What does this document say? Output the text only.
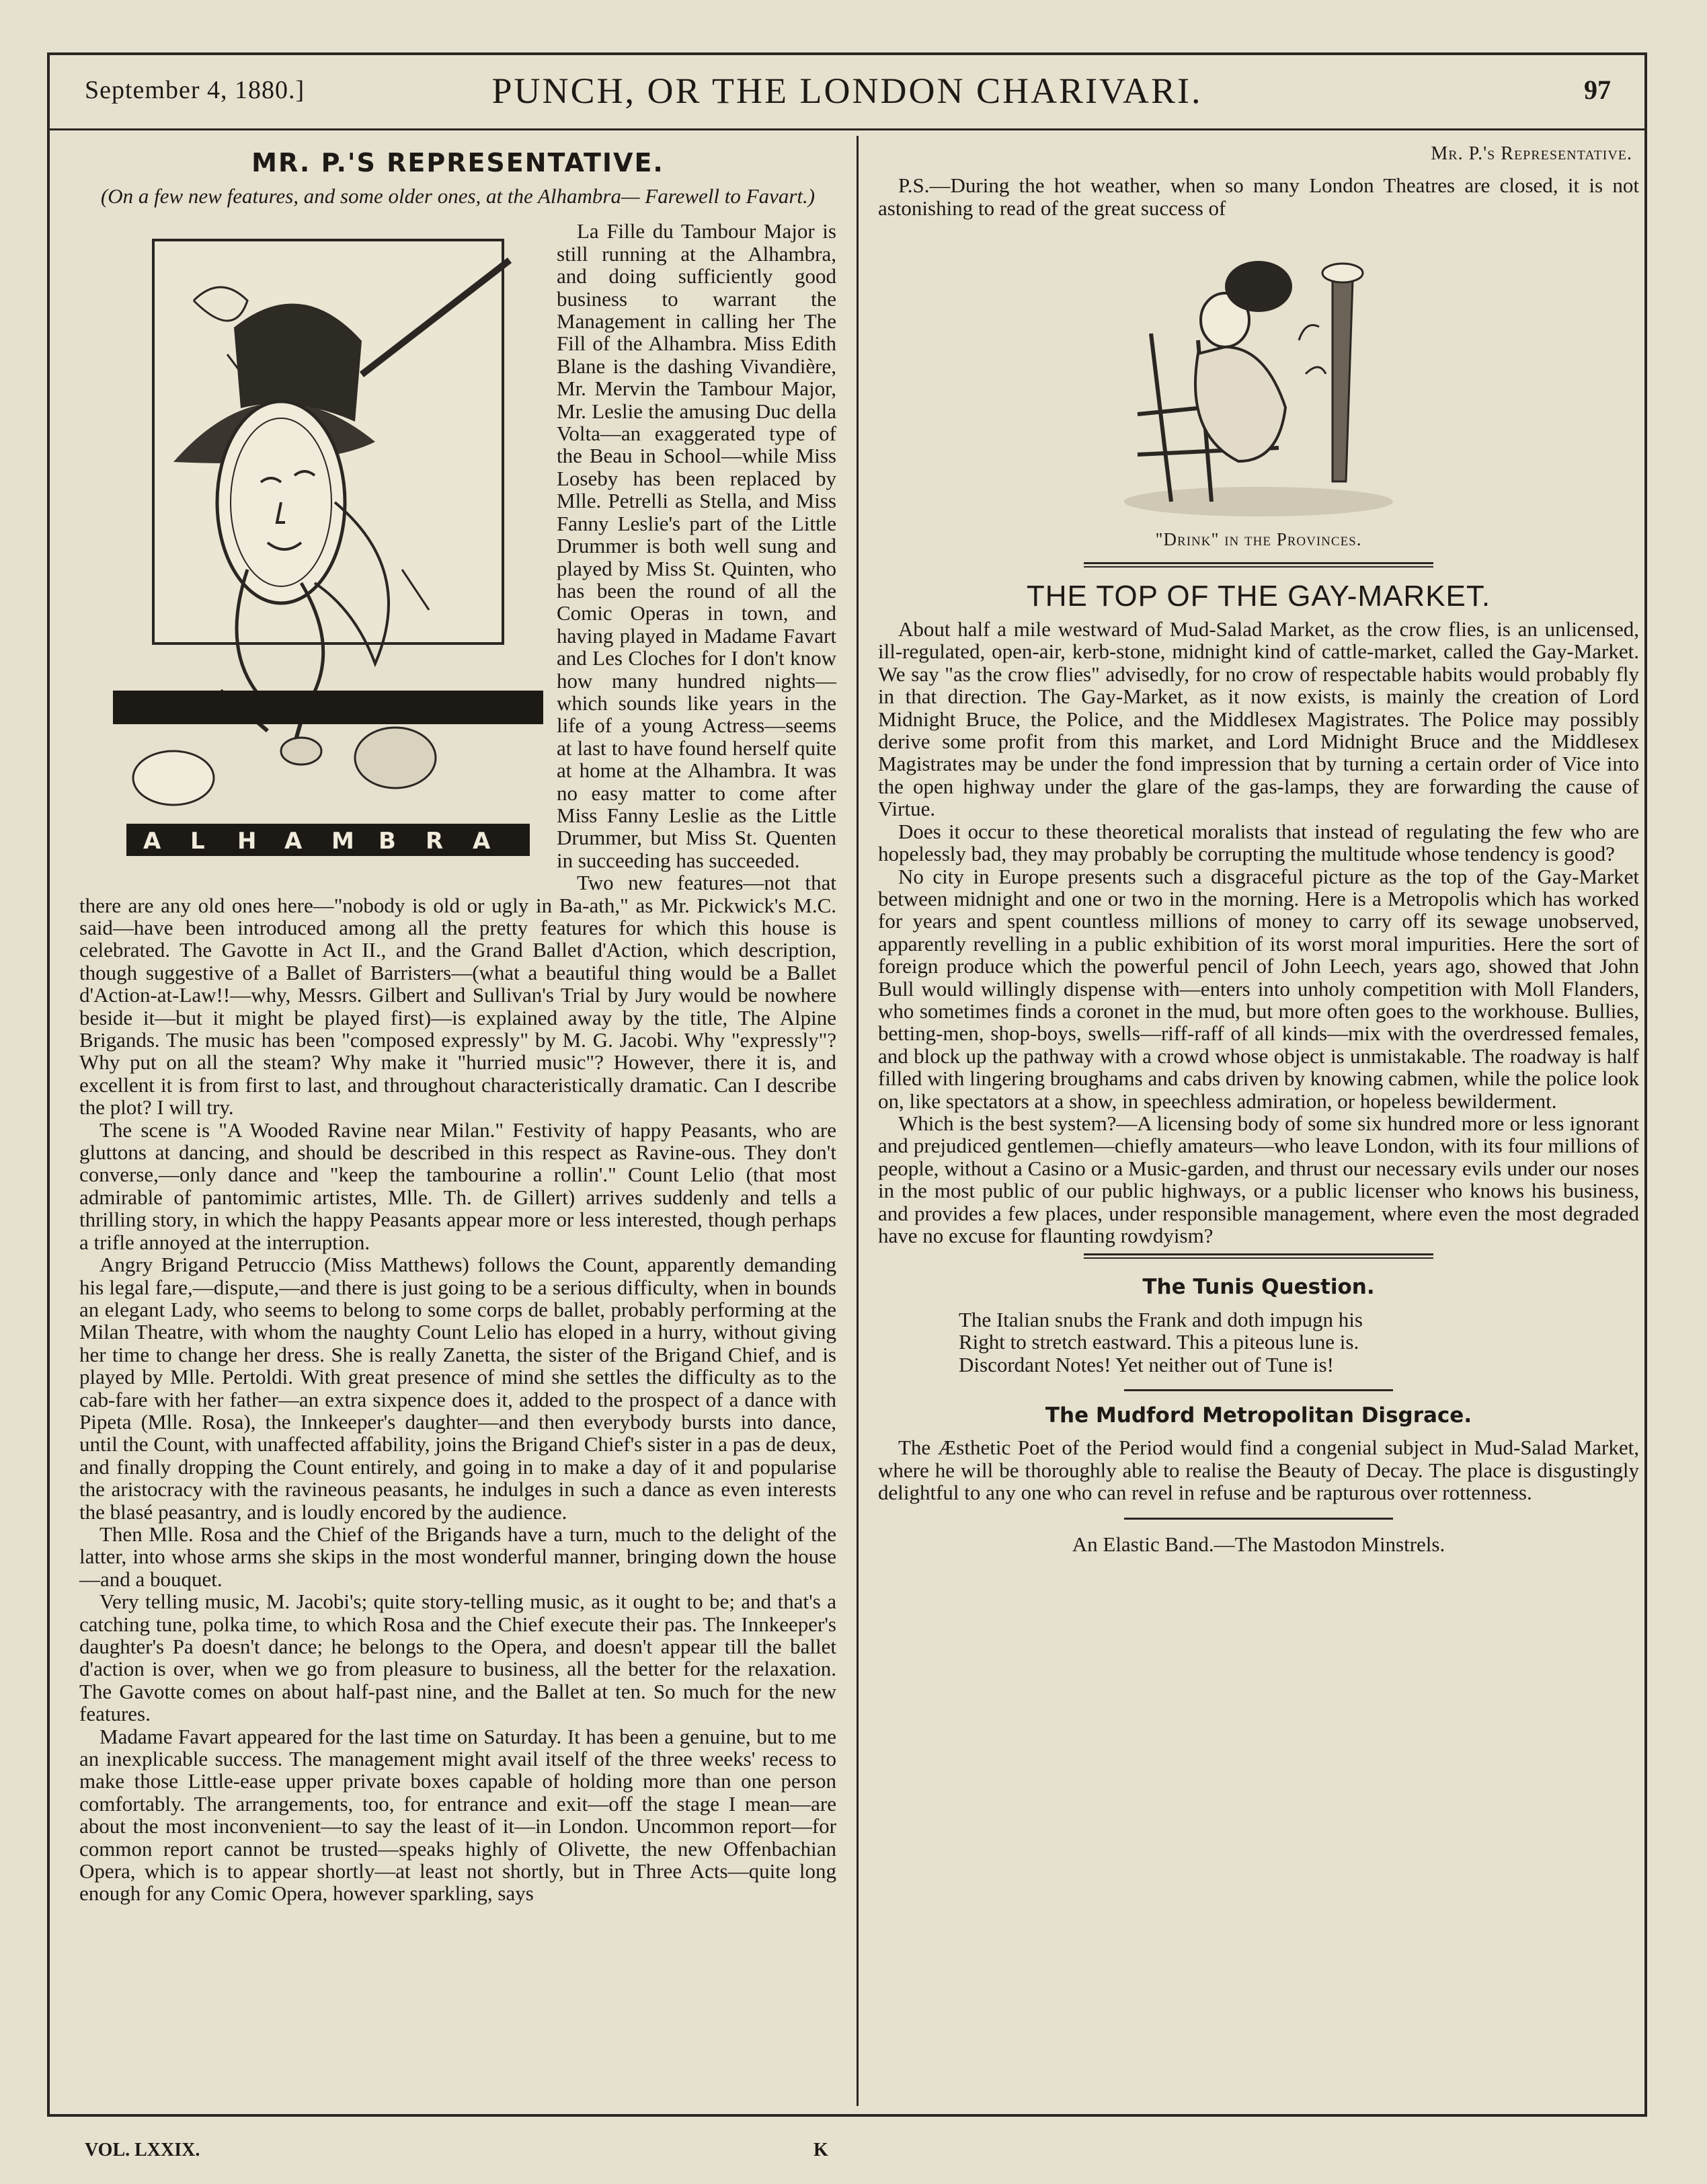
September 4, 1880.]	PUNCH, OR THE LONDON CHARIVARI.	97
MR. P.'S REPRESENTATIVE.
(On a few new features, and some older ones, at the Alhambra— Farewell to Favart.)
A L H A M B R A

La Fille du Tambour Major is still running at the Alhambra, and doing sufficiently good business to warrant the Management in calling her The Fill of the Alhambra. Miss Edith Blane is the dashing Vivandière, Mr. Mervin the Tambour Major, Mr. Leslie the amusing Duc della Volta—an exaggerated type of the Beau in School—while Miss Loseby has been replaced by Mlle. Petrelli as Stella, and Miss Fanny Leslie's part of the Little Drummer is both well sung and played by Miss St. Quinten, who has been the round of all the Comic Operas in town, and having played in Madame Favart and Les Cloches for I don't know how many hundred nights—which sounds like years in the life of a young Actress—seems at last to have found herself quite at home at the Alhambra. It was no easy matter to come after Miss Fanny Leslie as the Little Drummer, but Miss St. Quenten in succeeding has succeeded.

Two new features—not that there are any old ones here—"nobody is old or ugly in Ba-ath," as Mr. Pickwick's M.C. said—have been introduced among all the pretty features for which this house is celebrated. The Gavotte in Act II., and the Grand Ballet d'Action, which description, though suggestive of a Ballet of Barristers—(what a beautiful thing would be a Ballet d'Action-at-Law!!—why, Messrs. Gilbert and Sullivan's Trial by Jury would be nowhere beside it—but it might be played first)—is explained away by the title, The Alpine Brigands. The music has been "composed expressly" by M. G. Jacobi. Why "expressly"? Why put on all the steam? Why make it "hurried music"? However, there it is, and excellent it is from first to last, and throughout characteristically dramatic. Can I describe the plot? I will try.

The scene is "A Wooded Ravine near Milan." Festivity of happy Peasants, who are gluttons at dancing, and should be described in this respect as Ravine-ous. They don't converse,—only dance and "keep the tambourine a rollin'." Count Lelio (that most admirable of pantomimic artistes, Mlle. Th. de Gillert) arrives suddenly and tells a thrilling story, in which the happy Peasants appear more or less interested, though perhaps a trifle annoyed at the interruption.

Angry Brigand Petruccio (Miss Matthews) follows the Count, apparently demanding his legal fare,—dispute,—and there is just going to be a serious difficulty, when in bounds an elegant Lady, who seems to belong to some corps de ballet, probably performing at the Milan Theatre, with whom the naughty Count Lelio has eloped in a hurry, without giving her time to change her dress. She is really Zanetta, the sister of the Brigand Chief, and is played by Mlle. Pertoldi. With great presence of mind she settles the difficulty as to the cab-fare with her father—an extra sixpence does it, added to the prospect of a dance with Pipeta (Mlle. Rosa), the Innkeeper's daughter—and then everybody bursts into dance, until the Count, with unaffected affability, joins the Brigand Chief's sister in a pas de deux, and finally dropping the Count entirely, and going in to make a day of it and popularise the aristocracy with the ravineous peasants, he indulges in such a dance as even interests the blasé peasantry, and is loudly encored by the audience.

Then Mlle. Rosa and the Chief of the Brigands have a turn, much to the delight of the latter, into whose arms she skips in the most wonderful manner, bringing down the house—and a bouquet.

Very telling music, M. Jacobi's; quite story-telling music, as it ought to be; and that's a catching tune, polka time, to which Rosa and the Chief execute their pas. The Innkeeper's daughter's Pa doesn't dance; he belongs to the Opera, and doesn't appear till the ballet d'action is over, when we go from pleasure to business, all the better for the relaxation. The Gavotte comes on about half-past nine, and the Ballet at ten. So much for the new features.

Madame Favart appeared for the last time on Saturday. It has been a genuine, but to me an inexplicable success. The management might avail itself of the three weeks' recess to make those Little-ease upper private boxes capable of holding more than one person comfortably. The arrangements, too, for entrance and exit—off the stage I mean—are about the most inconvenient—to say the least of it—in London. Uncommon report—for common report cannot be trusted—speaks highly of Olivette, the new Offenbachian Opera, which is to appear shortly—at least not shortly, but in Three Acts—quite long enough for any Comic Opera, however sparkling, says

Mr. P.'s Representative.

P.S.—During the hot weather, when so many London Theatres are closed, it is not astonishing to read of the great success of

"Drink" in the Provinces.
THE TOP OF THE GAY-MARKET.

About half a mile westward of Mud-Salad Market, as the crow flies, is an unlicensed, ill-regulated, open-air, kerb-stone, midnight kind of cattle-market, called the Gay-Market. We say "as the crow flies" advisedly, for no crow of respectable habits would probably fly in that direction. The Gay-Market, as it now exists, is mainly the creation of Lord Midnight Bruce, the Police, and the Middlesex Magistrates. The Police may possibly derive some profit from this market, and Lord Midnight Bruce and the Middlesex Magistrates may be under the fond impression that by turning a certain order of Vice into the open highway under the glare of the gas-lamps, they are forwarding the cause of Virtue.

Does it occur to these theoretical moralists that instead of regulating the few who are hopelessly bad, they may probably be corrupting the multitude whose tendency is good?

No city in Europe presents such a disgraceful picture as the top of the Gay-Market between midnight and one or two in the morning. Here is a Metropolis which has worked for years and spent countless millions of money to carry off its sewage unobserved, apparently revelling in a public exhibition of its worst moral impurities. Here the sort of foreign produce which the powerful pencil of John Leech, years ago, showed that John Bull would willingly dispense with—enters into unholy competition with Moll Flanders, who sometimes finds a coronet in the mud, but more often goes to the workhouse. Bullies, betting-men, shop-boys, swells—riff-raff of all kinds—mix with the overdressed females, and block up the pathway with a crowd whose object is unmistakable. The roadway is half filled with lingering broughams and cabs driven by knowing cabmen, while the police look on, like spectators at a show, in speechless admiration, or hopeless bewilderment.

Which is the best system?—A licensing body of some six hundred more or less ignorant and prejudiced gentlemen—chiefly amateurs—who leave London, with its four millions of people, without a Casino or a Music-garden, and thrust our necessary evils under our noses in the most public of our public highways, or a public licenser who knows his business, and provides a few places, under responsible management, where even the most degraded have no excuse for flaunting rowdyism?

The Tunis Question.
The Italian snubs the Frank and doth impugn his
Right to stretch eastward. This a piteous lune is.
Discordant Notes! Yet neither out of Tune is!
The Mudford Metropolitan Disgrace.

The Æsthetic Poet of the Period would find a congenial subject in Mud-Salad Market, where he will be thoroughly able to realise the Beauty of Decay. The place is disgustingly delightful to any one who can revel in refuse and be rapturous over rottenness.

An Elastic Band.—The Mastodon Minstrels.
VOL. LXXIX.	K
